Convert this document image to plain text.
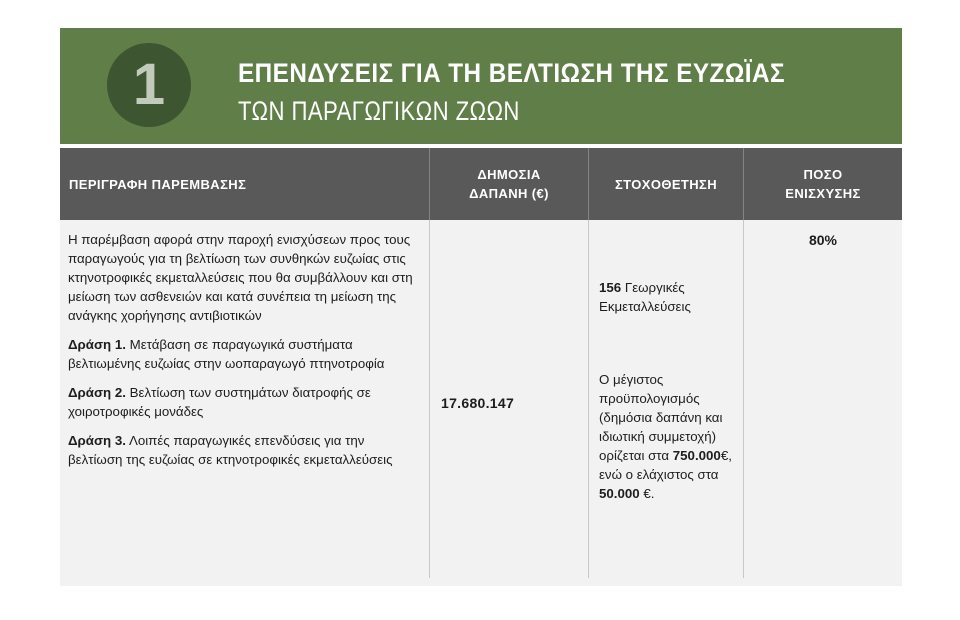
1	ΕΠΕΝΔΥΣΕΙΣ ΓΙΑ ΤΗ ΒΕΛΤΙΩΣΗ ΤΗΣ ΕΥΖΩΪΑΣ
ΤΩΝ ΠΑΡΑΓΩΓΙΚΩΝ ΖΩΩΝ
ΠΕΡΙΓΡΑΦΗ ΠΑΡΕΜΒΑΣΗΣ
ΔΗΜΟΣΙΑ
ΔΑΠΑΝΗ (€)
ΣΤΟΧΟΘΕΤΗΣΗ
ΠΟΣΟ
ΕΝΙΣΧΥΣΗΣ

Η παρέμβαση αφορά στην παροχή ενισχύσεων προς τους παραγωγούς για τη βελτίωση των συνθηκών ευζωίας στις κτηνοτροφικές εκμεταλλεύσεις που θα συμβάλλουν και στη μείωση των ασθενειών και κατά συνέπεια τη μείωση της ανάγκης χορήγησης αντιβιοτικών

Δράση 1. Μετάβαση σε παραγωγικά συστήματα βελτιωμένης ευζωίας στην ωοπαραγωγό πτηνοτροφία

Δράση 2. Βελτίωση των συστημάτων διατροφής σε χοιροτροφικές μονάδες

Δράση 3. Λοιπές παραγωγικές επενδύσεις για την βελτίωση της ευζωίας σε κτηνοτροφικές εκμεταλλεύσεις

17.680.147
156 Γεωργικές Εκμεταλλεύσεις
Ο μέγιστος προϋπολογισμός (δημόσια δαπάνη και ιδιωτική συμμετοχή) ορίζεται στα 750.000€, ενώ ο ελάχιστος στα 50.000 €.
80%
